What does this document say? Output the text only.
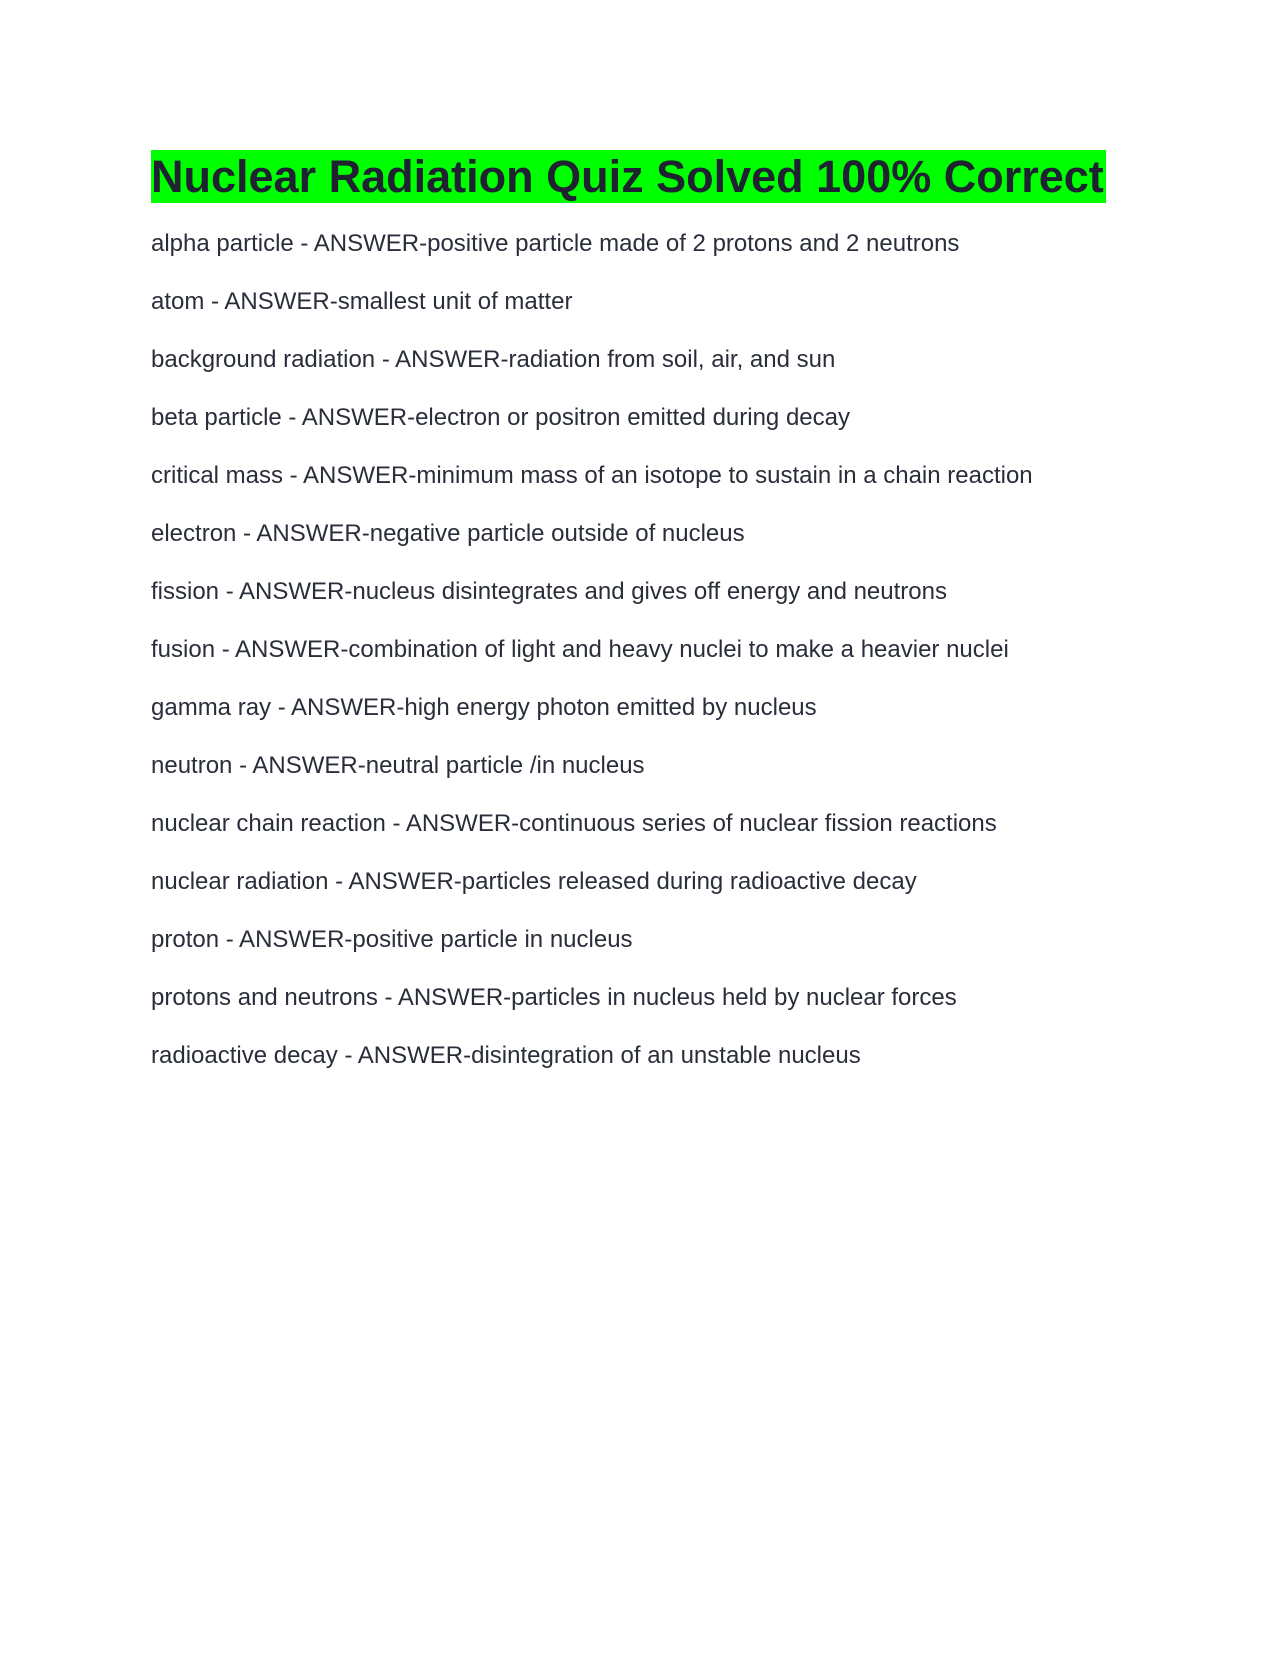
Nuclear Radiation Quiz Solved 100% Correct
alpha particle - ANSWER-positive particle made of 2 protons and 2 neutrons
atom - ANSWER-smallest unit of matter
background radiation - ANSWER-radiation from soil, air, and sun
beta particle - ANSWER-electron or positron emitted during decay
critical mass - ANSWER-minimum mass of an isotope to sustain in a chain reaction
electron - ANSWER-negative particle outside of nucleus
fission - ANSWER-nucleus disintegrates and gives off energy and neutrons
fusion - ANSWER-combination of light and heavy nuclei to make a heavier nuclei
gamma ray - ANSWER-high energy photon emitted by nucleus
neutron - ANSWER-neutral particle /in nucleus
nuclear chain reaction - ANSWER-continuous series of nuclear fission reactions
nuclear radiation - ANSWER-particles released during radioactive decay
proton - ANSWER-positive particle in nucleus
protons and neutrons - ANSWER-particles in nucleus held by nuclear forces
radioactive decay - ANSWER-disintegration of an unstable nucleus
